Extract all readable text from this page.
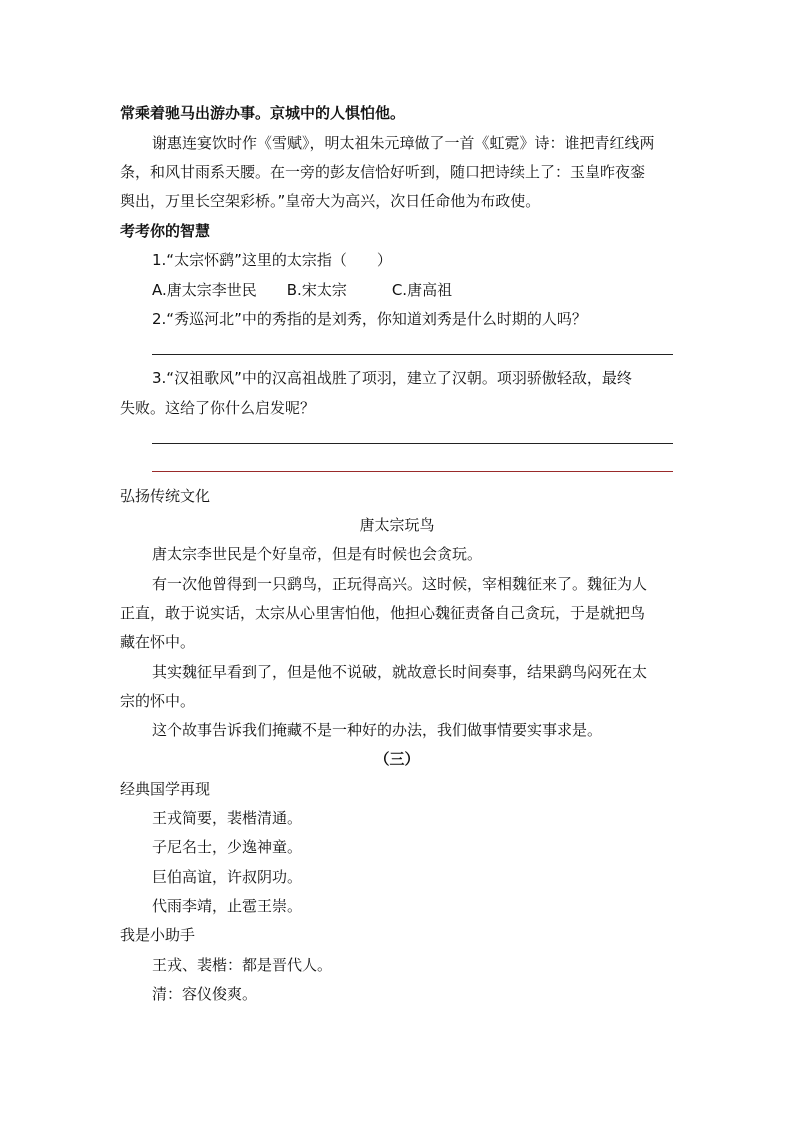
常乘着驰马出游办事。京城中的人惧怕他。
谢惠连宴饮时作《雪赋》，明太祖朱元璋做了一首《虹霓》诗：谁把青红线两
条，和风甘雨系天腰。在一旁的彭友信恰好听到，随口把诗续上了：玉皇昨夜銮
舆出，万里长空架彩桥。”皇帝大为高兴，次日任命他为布政使。
考考你的智慧
1.“太宗怀鹞”这里的太宗指（　　）
A.唐太宗李世民　　B.宋太宗　　　C.唐高祖
2.“秀巡河北”中的秀指的是刘秀，你知道刘秀是什么时期的人吗？
3.“汉祖歌风”中的汉高祖战胜了项羽，建立了汉朝。项羽骄傲轻敌，最终
失败。这给了你什么启发呢？
弘扬传统文化
唐太宗玩鸟
唐太宗李世民是个好皇帝，但是有时候也会贪玩。
有一次他曾得到一只鹞鸟，正玩得高兴。这时候，宰相魏征来了。魏征为人
正直，敢于说实话，太宗从心里害怕他，他担心魏征责备自己贪玩，于是就把鸟
藏在怀中。
其实魏征早看到了，但是他不说破，就故意长时间奏事，结果鹞鸟闷死在太
宗的怀中。
这个故事告诉我们掩藏不是一种好的办法，我们做事情要实事求是。
（三）
经典国学再现
王戎简要，裴楷清通。
子尼名士，少逸神童。
巨伯高谊，许叔阴功。
代雨李靖，止雹王崇。
我是小助手
王戎、裴楷：都是晋代人。
清：容仪俊爽。
